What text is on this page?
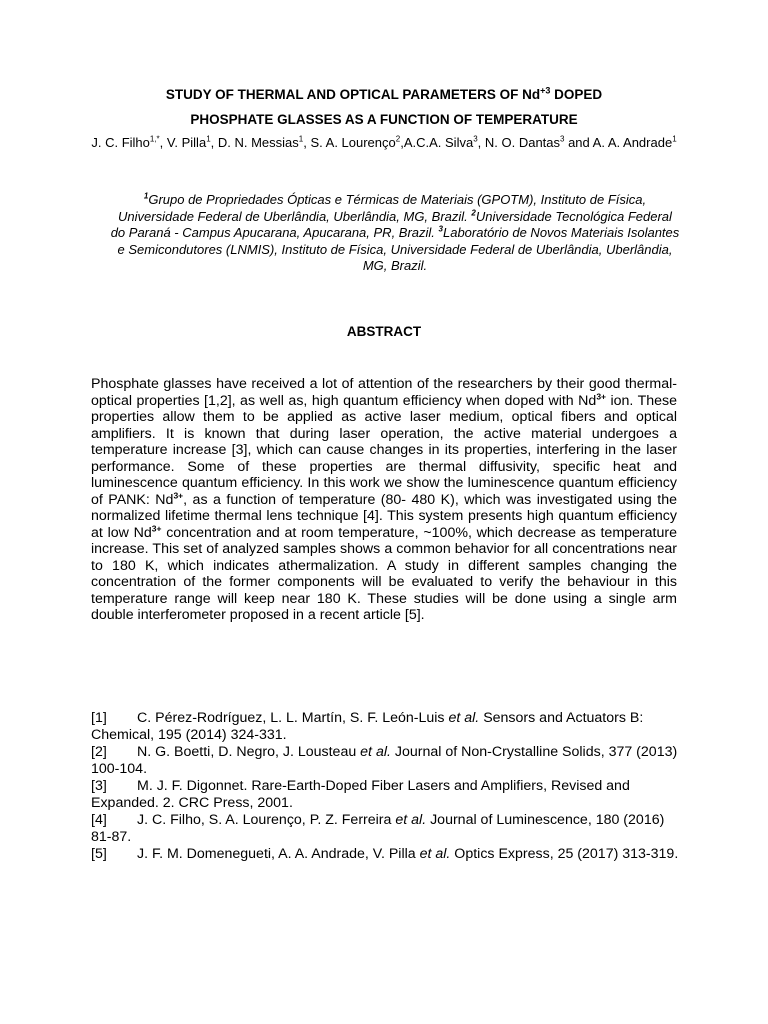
STUDY OF THERMAL AND OPTICAL PARAMETERS OF $Nd^{+3}$ DOPED
PHOSPHATE GLASSES AS A FUNCTION OF TEMPERATURE
J. C. Filho$^{1,*}$, V. Pilla$^1$, D. N. Messias$^1$, S. A. Lourenço$^2$,A.C.A. Silva$^3$, N. O. Dantas$^3$ and A. A. Andrade$^1$
$^1$Grupo de Propriedades Ópticas e Térmicas de Materiais (GPOTM), Instituto de Física, Universidade Federal de Uberlândia, Uberlândia, MG, Brazil. $^2$Universidade Tecnológica Federal do Paraná - Campus Apucarana, Apucarana, PR, Brazil. $^3$Laboratório de Novos Materiais Isolantes e Semicondutores (LNMIS), Instituto de Física, Universidade Federal de Uberlândia, Uberlândia, MG, Brazil.
ABSTRACT
Phosphate glasses have received a lot of attention of the researchers by their good thermal-optical properties [1,2], as well as, high quantum efficiency when doped with $Nd^{3+}$ ion. These properties allow them to be applied as active laser medium, optical fibers and optical amplifiers. It is known that during laser operation, the active material undergoes a temperature increase [3], which can cause changes in its properties, interfering in the laser performance. Some of these properties are thermal diffusivity, specific heat and luminescence quantum efficiency. In this work we show the luminescence quantum efficiency of PANK: $Nd^{3+}$, as a function of temperature (80- 480 K), which was investigated using the normalized lifetime thermal lens technique [4]. This system presents high quantum efficiency at low $Nd^{3+}$ concentration and at room temperature, ~100%, which decrease as temperature increase. This set of analyzed samples shows a common behavior for all concentrations near to 180 K, which indicates athermalization. A study in different samples changing the concentration of the former components will be evaluated to verify the behaviour in this temperature range will keep near 180 K. These studies will be done using a single arm double interferometer proposed in a recent article [5].

[1] C. Pérez-Rodríguez, L. L. Martín, S. F. León-Luis et al. Sensors and Actuators B: Chemical, 195 (2014) 324-331.

[2] N. G. Boetti, D. Negro, J. Lousteau et al. Journal of Non-Crystalline Solids, 377 (2013) 100-104.

[3] M. J. F. Digonnet. Rare-Earth-Doped Fiber Lasers and Amplifiers, Revised and Expanded. 2. CRC Press, 2001.

[4] J. C. Filho, S. A. Lourenço, P. Z. Ferreira et al. Journal of Luminescence, 180 (2016) 81-87.

[5] J. F. M. Domenegueti, A. A. Andrade, V. Pilla et al. Optics Express, 25 (2017) 313-319.
